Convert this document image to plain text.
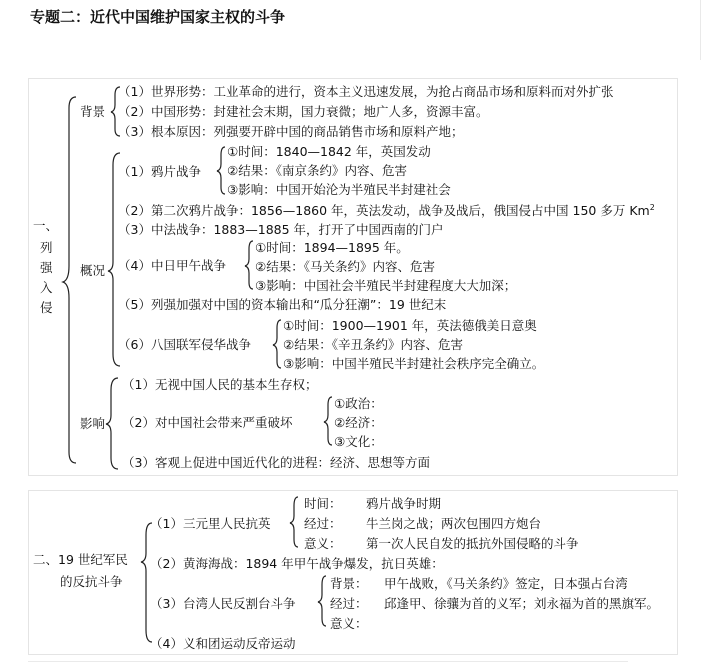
专题二：近代中国维护国家主权的斗争
一、
列
强
入
侵
背景
（1）世界形势：工业革命的进行，资本主义迅速发展，为抢占商品市场和原料而对外扩张
（2）中国形势：封建社会末期，国力衰微；地广人多，资源丰富。
（3）根本原因：列强要开辟中国的商品销售市场和原料产地；
概况
（1）鸦片战争
①时间：1840—1842 年，英国发动
②结果：《南京条约》内容、危害
③影响：中国开始沦为半殖民半封建社会
（2）第二次鸦片战争：1856—1860 年，英法发动，战争及战后，俄国侵占中国 150 多万 Km$^2$
（3）中法战争：1883—1885 年，打开了中国西南的门户
（4）中日甲午战争
①时间：1894—1895 年。
②结果：《马关条约》内容、危害
③影响：中国社会半殖民半封建程度大大加深；
（5）列强加强对中国的资本输出和“瓜分狂潮”：19 世纪末
（6）八国联军侵华战争
①时间：1900—1901 年，英法德俄美日意奥
②结果：《辛丑条约》内容、危害
③影响：中国半殖民半封建社会秩序完全确立。
影响
（1）无视中国人民的基本生存权；
（2）对中国社会带来严重破坏
①政治：
②经济：
③文化：
（3）客观上促进中国近代化的进程：经济、思想等方面
二、19 世纪军民
的反抗斗争
（1）三元里人民抗英
时间： 鸦片战争时期
经过： 牛兰岗之战；两次包围四方炮台
意义： 第一次人民自发的抵抗外国侵略的斗争
（2）黄海海战：1894 年甲午战争爆发，抗日英雄：
（3）台湾人民反割台斗争
背景： 甲午战败，《马关条约》签定，日本强占台湾
经过： 邱逢甲、徐骧为首的义军；刘永福为首的黑旗军。
意义：
（4）义和团运动反帝运动
